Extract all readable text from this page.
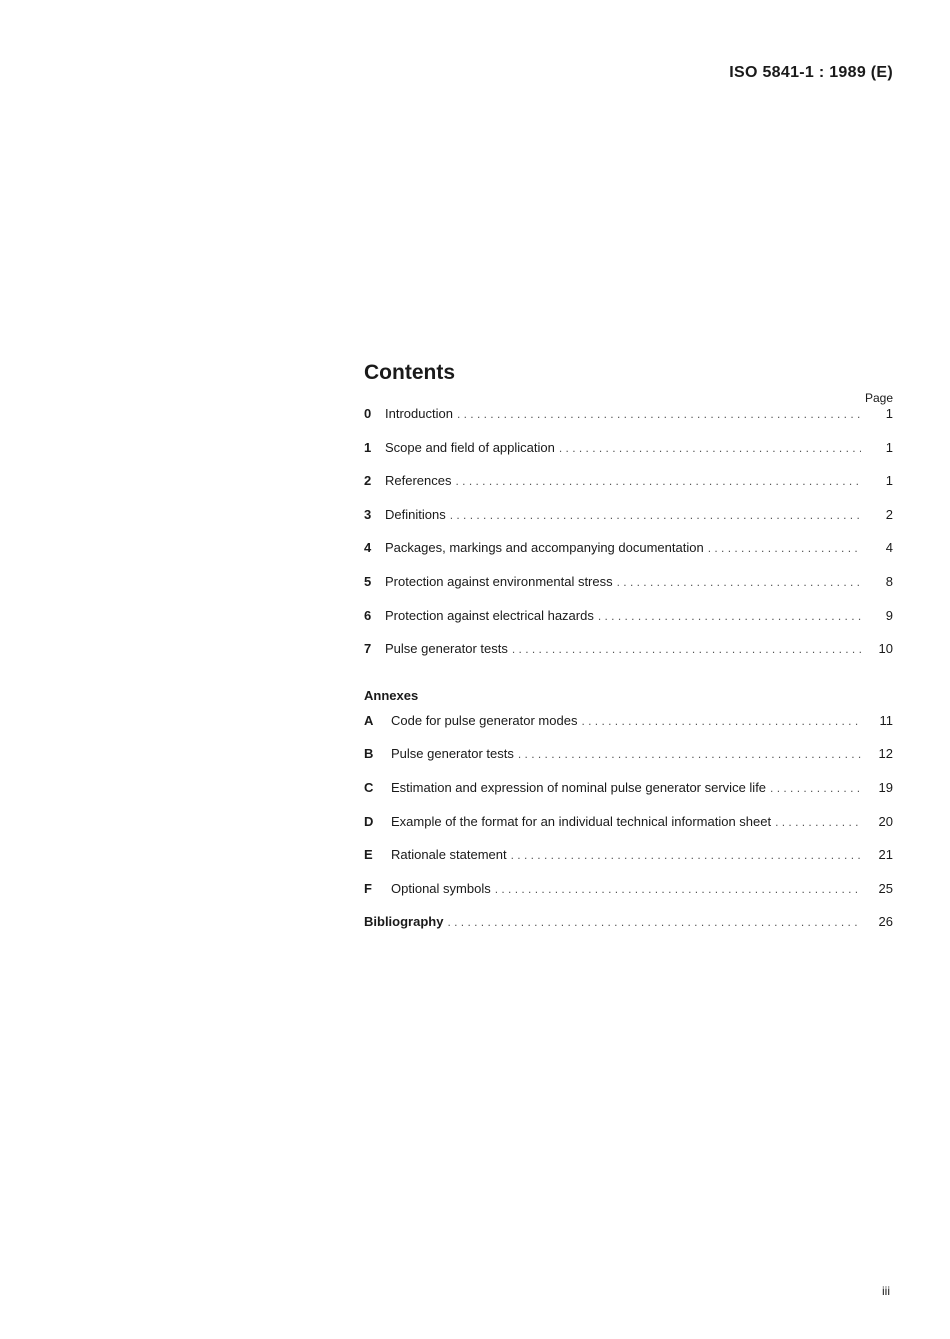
ISO 5841-1 : 1989 (E)
Contents
Page
0	Introduction . . .	1
1	Scope and field of application . . .	1
2	References . . .	1
3	Definitions . . .	2
4	Packages, markings and accompanying documentation . . .	4
5	Protection against environmental stress . . .	8
6	Protection against electrical hazards . . .	9
7	Pulse generator tests . . .	10
Annexes
A	Code for pulse generator modes . . .	11
B	Pulse generator tests . . .	12
C	Estimation and expression of nominal pulse generator service life . . .	19
D	Example of the format for an individual technical information sheet . . .	20
E	Rationale statement . . .	21
F	Optional symbols . . .	25
Bibliography . . .	26
iii
